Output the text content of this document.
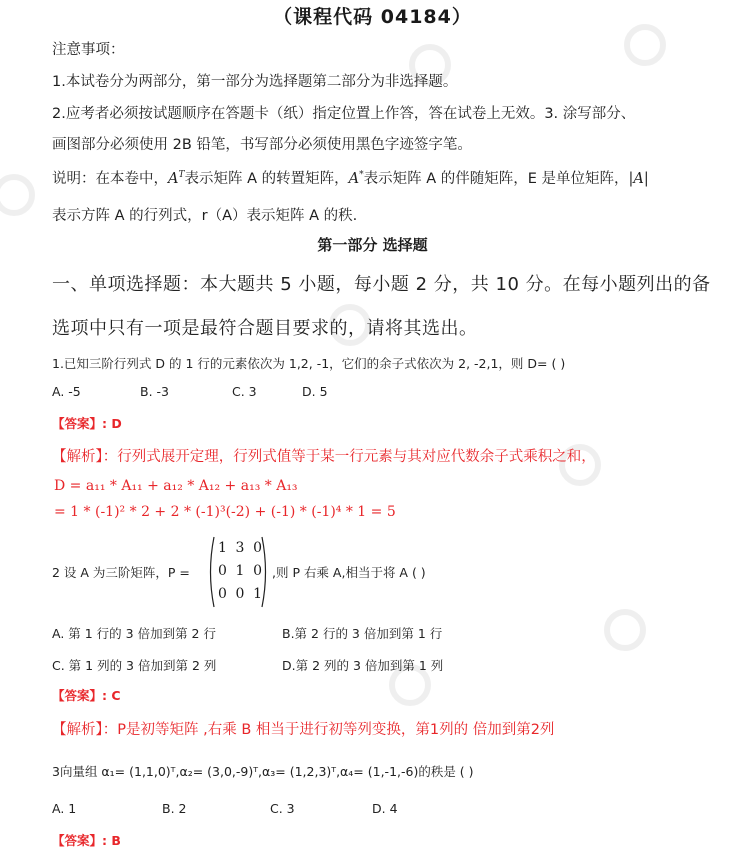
（课程代码 04184）
注意事项：
1.本试卷分为两部分，第一部分为选择题第二部分为非选择题。
2.应考者必须按试题顺序在答题卡（纸）指定位置上作答，答在试卷上无效。3. 涂写部分、
画图部分必须使用 2B 铅笔，书写部分必须使用黑色字迹签字笔。
说明：在本卷中，$A^T$表示矩阵 A 的转置矩阵，A*表示矩阵 A 的伴随矩阵，E 是单位矩阵，|A|
表示方阵 A 的行列式，r（A）表示矩阵 A 的秩.
第一部分 选择题
一、单项选择题：本大题共 5 小题，每小题 2 分，共 10 分。在每小题列出的备
选项中只有一项是最符合题目要求的，请将其选出。
1.已知三阶行列式 D 的 1 行的元素依次为 1,2, -1，它们的余子式依次为 2, -2,1，则 D= ( )
A. -5	B. -3	C. 3	D. 5
【答案】: D
【解析】：行列式展开定理，行列式值等于某一行元素与其对应代数余子式乘积之和，
D = a₁₁ * A₁₁ + a₁₂ * A₁₂ + a₁₃ * A₁₃
= 1 * (-1)² * 2 + 2 * (-1)³(-2) + (-1) * (-1)⁴ * 1 = 5
2 设 A 为三阶矩阵，P =
1 3 0
0 1 0
0 0 1
,则 P 右乘 A,相当于将 A ( )
A. 第 1 行的 3 倍加到第 2 行	B.第 2 行的 3 倍加到第 1 行
C. 第 1 列的 3 倍加到第 2 列	D.第 2 列的 3 倍加到第 1 列
【答案】: C
【解析】：P是初等矩阵 ,右乘 B 相当于进行初等列变换，第1列的 倍加到第2列
3向量组 α₁= (1,1,0)ᵀ,α₂= (3,0,-9)ᵀ,α₃= (1,2,3)ᵀ,α₄= (1,-1,-6)的秩是 ( )
A. 1	B. 2	C. 3	D. 4
【答案】: B
